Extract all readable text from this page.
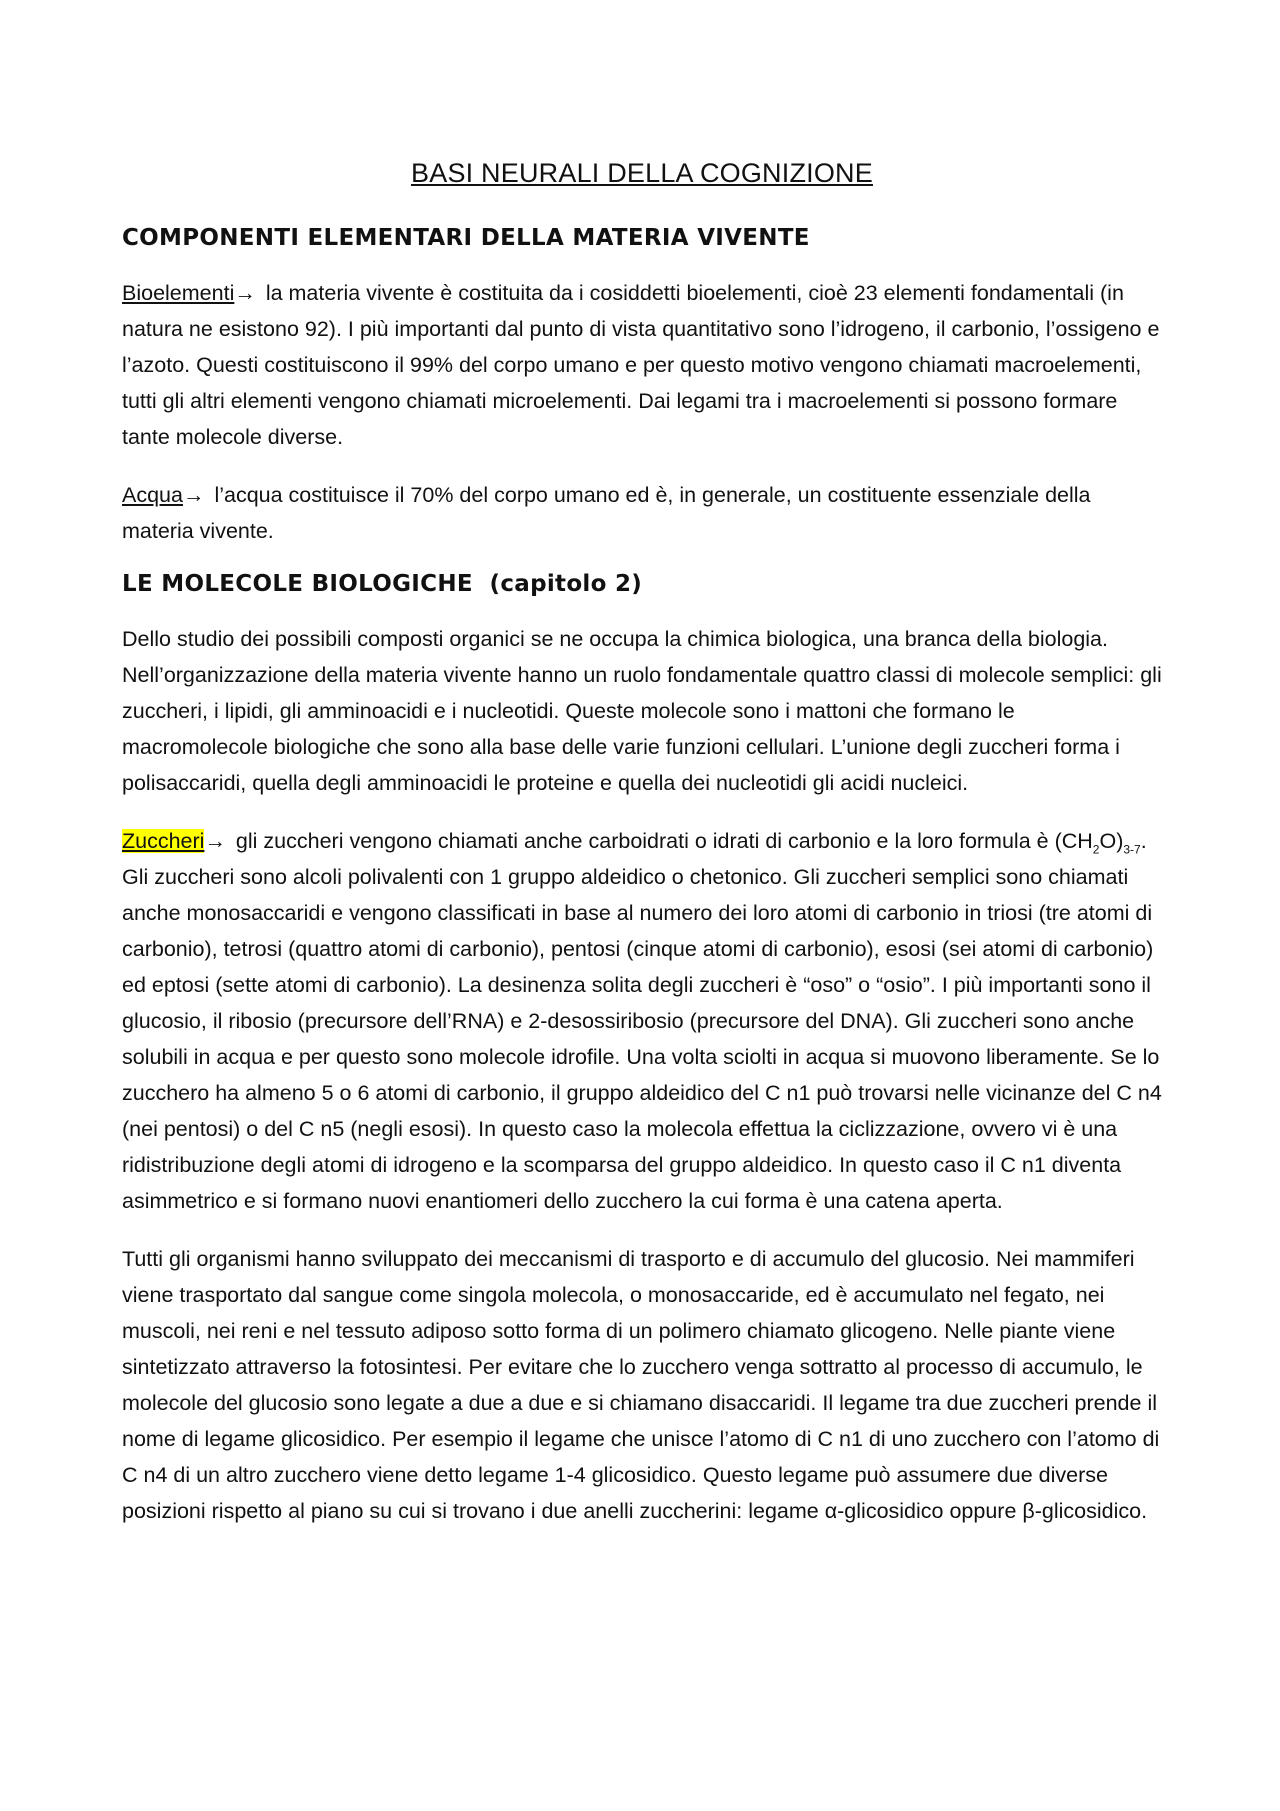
BASI NEURALI DELLA COGNIZIONE
COMPONENTI ELEMENTARI DELLA MATERIA VIVENTE

Bioelementi→ la materia vivente è costituita da i cosiddetti bioelementi, cioè 23 elementi fondamentali (in natura ne esistono 92). I più importanti dal punto di vista quantitativo sono l’idrogeno, il carbonio, l’ossigeno e l’azoto. Questi costituiscono il 99% del corpo umano e per questo motivo vengono chiamati macroelementi, tutti gli altri elementi vengono chiamati microelementi. Dai legami tra i macroelementi si possono formare tante molecole diverse.

Acqua→ l’acqua costituisce il 70% del corpo umano ed è, in generale, un costituente essenziale della materia vivente.

LE MOLECOLE BIOLOGICHE  (capitolo 2)

Dello studio dei possibili composti organici se ne occupa la chimica biologica, una branca della biologia. Nell’organizzazione della materia vivente hanno un ruolo fondamentale quattro classi di molecole semplici: gli zuccheri, i lipidi, gli amminoacidi e i nucleotidi. Queste molecole sono i mattoni che formano le macromolecole biologiche che sono alla base delle varie funzioni cellulari. L’unione degli zuccheri forma i polisaccaridi, quella degli amminoacidi le proteine e quella dei nucleotidi gli acidi nucleici.

Zuccheri→ gli zuccheri vengono chiamati anche carboidrati o idrati di carbonio e la loro formula è $(CH_2O)_{3-7}$. Gli zuccheri sono alcoli polivalenti con 1 gruppo aldeidico o chetonico. Gli zuccheri semplici sono chiamati anche monosaccaridi e vengono classificati in base al numero dei loro atomi di carbonio in triosi (tre atomi di carbonio), tetrosi (quattro atomi di carbonio), pentosi (cinque atomi di carbonio), esosi (sei atomi di carbonio) ed eptosi (sette atomi di carbonio). La desinenza solita degli zuccheri è “oso” o “osio”. I più importanti sono il glucosio, il ribosio (precursore dell’RNA) e 2-desossiribosio (precursore del DNA). Gli zuccheri sono anche solubili in acqua e per questo sono molecole idrofile. Una volta sciolti in acqua si muovono liberamente. Se lo zucchero ha almeno 5 o 6 atomi di carbonio, il gruppo aldeidico del C n1 può trovarsi nelle vicinanze del C n4 (nei pentosi) o del C n5 (negli esosi). In questo caso la molecola effettua la ciclizzazione, ovvero vi è una ridistribuzione degli atomi di idrogeno e la scomparsa del gruppo aldeidico. In questo caso il C n1 diventa asimmetrico e si formano nuovi enantiomeri dello zucchero la cui forma è una catena aperta.

Tutti gli organismi hanno sviluppato dei meccanismi di trasporto e di accumulo del glucosio. Nei mammiferi viene trasportato dal sangue come singola molecola, o monosaccaride, ed è accumulato nel fegato, nei muscoli, nei reni e nel tessuto adiposo sotto forma di un polimero chiamato glicogeno. Nelle piante viene sintetizzato attraverso la fotosintesi. Per evitare che lo zucchero venga sottratto al processo di accumulo, le molecole del glucosio sono legate a due a due e si chiamano disaccaridi. Il legame tra due zuccheri prende il nome di legame glicosidico. Per esempio il legame che unisce l’atomo di C n1 di uno zucchero con l’atomo di C n4 di un altro zucchero viene detto legame 1-4 glicosidico. Questo legame può assumere due diverse posizioni rispetto al piano su cui si trovano i due anelli zuccherini: legame α-glicosidico oppure β-glicosidico.
